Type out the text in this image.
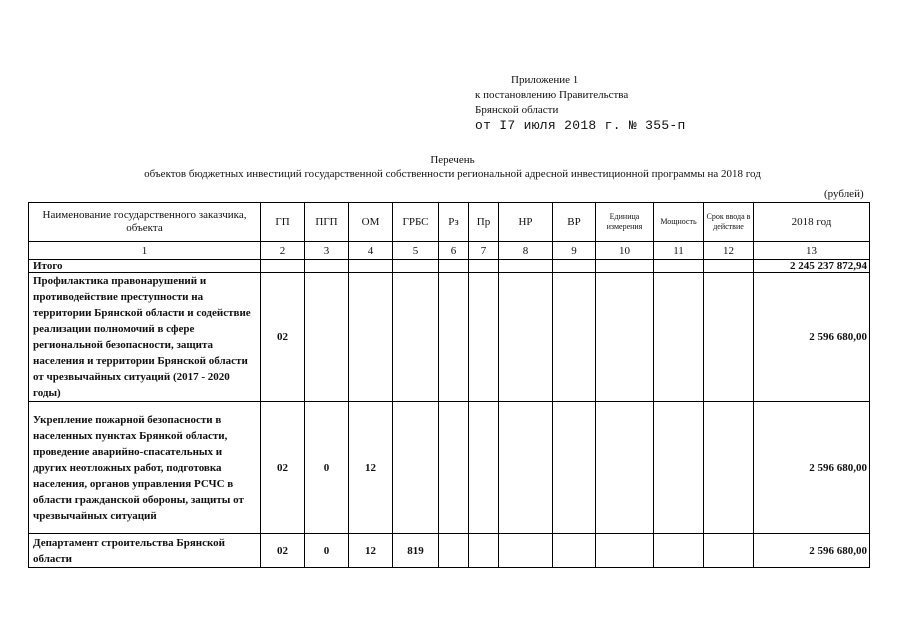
Приложение 1
к постановлению Правительства
Брянской области
от I7 июля 2018 г. № 355-п
Перечень
объектов бюджетных инвестиций государственной собственности региональной адресной инвестиционной программы на 2018 год
(рублей)
Наименование государственного заказчика, объекта	ГП	ПГП	ОМ	ГРБС	Рз	Пр	НР	ВР	Единица измерения	Мощность	Срок ввода в действие	2018 год
1	2	3	4	5	6	7	8	9	10	11	12	13
Итого												2 245 237 872,94
Профилактика правонарушений и противодействие преступности на территории Брянской области и содействие реализации полномочий в сфере региональной безопасности, защита населения и территории Брянской области от чрезвычайных ситуаций (2017 - 2020 годы)	02											2 596 680,00
Укрепление пожарной безопасности в населенных пунктах Брянкой области, проведение аварийно-спасательных и других неотложных работ, подготовка населения, органов управления РСЧС в области гражданской обороны, защиты от чрезвычайных ситуаций	02	0	12									2 596 680,00
Департамент строительства Брянской области	02	0	12	819								2 596 680,00
